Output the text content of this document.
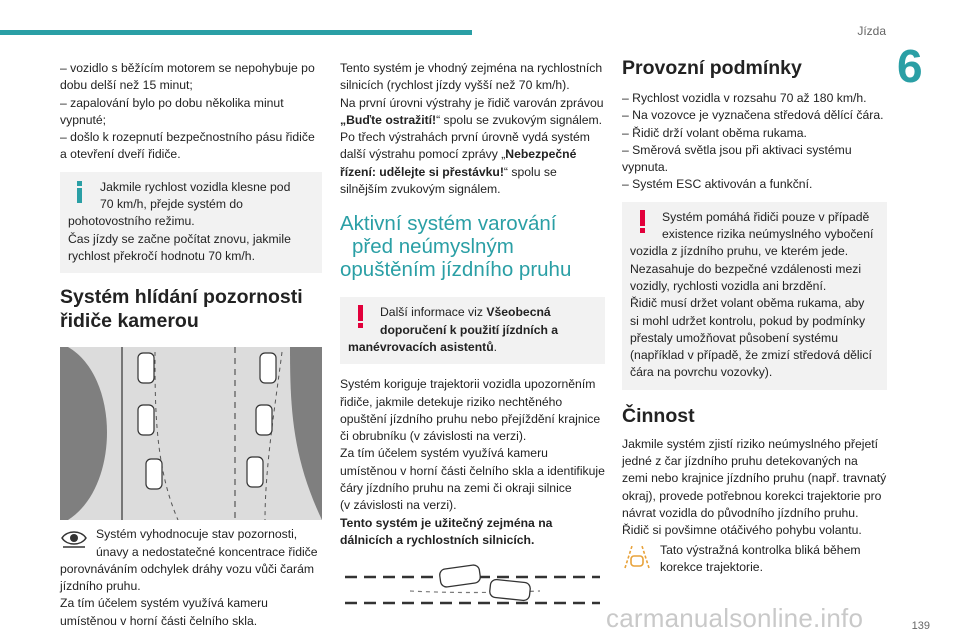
Jízda
6

– vozidlo s běžícím motorem se nepohybuje po

dobu delší než 15 minut;

– zapalování bylo po dobu několika minut

vypnuté;

– došlo k rozepnutí bezpečnostního pásu řidiče

a otevření dveří řidiče.

Jakmile rychlost vozidla klesne pod

70 km/h, přejde systém do

pohotovostního režimu.

Čas jízdy se začne počítat znovu, jakmile

rychlost překročí hodnotu 70 km/h.

Systém hlídání pozornosti
řidiče kamerou

Systém vyhodnocuje stav pozornosti,

únavy a nedostatečné koncentrace řidiče

porovnáváním odchylek dráhy vozu vůči čarám

jízdního pruhu.

Za tím účelem systém využívá kameru

umístěnou v horní části čelního skla.

Tento systém je vhodný zejména na rychlostních

silnicích (rychlost jízdy vyšší než 70 km/h).

Na první úrovni výstrahy je řidič varován zprávou

„Buďte ostražití!“ spolu se zvukovým signálem.

Po třech výstrahách první úrovně vydá systém

další výstrahu pomocí zprávy „Nebezpečné

řízení: udělejte si přestávku!“ spolu se

silnějším zvukovým signálem.

Aktivní systém varování
před neúmyslným
opuštěním jízdního pruhu

Další informace viz Všeobecná

doporučení k použití jízdních a

manévrovacích asistentů.

Systém koriguje trajektorii vozidla upozorněním

řidiče, jakmile detekuje riziko nechtěného

opuštění jízdního pruhu nebo přejíždění krajnice

či obrubníku (v závislosti na verzi).

Za tím účelem systém využívá kameru

umístěnou v horní části čelního skla a identifikuje

čáry jízdního pruhu na zemi či okraji silnice

(v závislosti na verzi).

Tento systém je užitečný zejména na

dálnicích a rychlostních silnicích.

Provozní podmínky

– Rychlost vozidla v rozsahu 70 až 180 km/h.

– Na vozovce je vyznačena středová dělící čára.

– Řidič drží volant oběma rukama.

– Směrová světla jsou při aktivaci systému

vypnuta.

– Systém ESC aktivován a funkční.

Systém pomáhá řidiči pouze v případě

existence rizika neúmyslného vybočení

vozidla z jízdního pruhu, ve kterém jede.

Nezasahuje do bezpečné vzdálenosti mezi

vozidly, rychlosti vozidla ani brzdění.

Řidič musí držet volant oběma rukama, aby

si mohl udržet kontrolu, pokud by podmínky

přestaly umožňovat působení systému

(například v případě, že zmizí středová dělicí

čára na povrchu vozovky).

Činnost

Jakmile systém zjistí riziko neúmyslného přejetí

jedné z čar jízdního pruhu detekovaných na

zemi nebo krajnice jízdního pruhu (např. travnatý

okraj), provede potřebnou korekci trajektorie pro

návrat vozidla do původního jízdního pruhu.

Řidič si povšimne otáčivého pohybu volantu.

Tato výstražná kontrolka bliká během

korekce trajektorie.

carmanualsonline.info	139
